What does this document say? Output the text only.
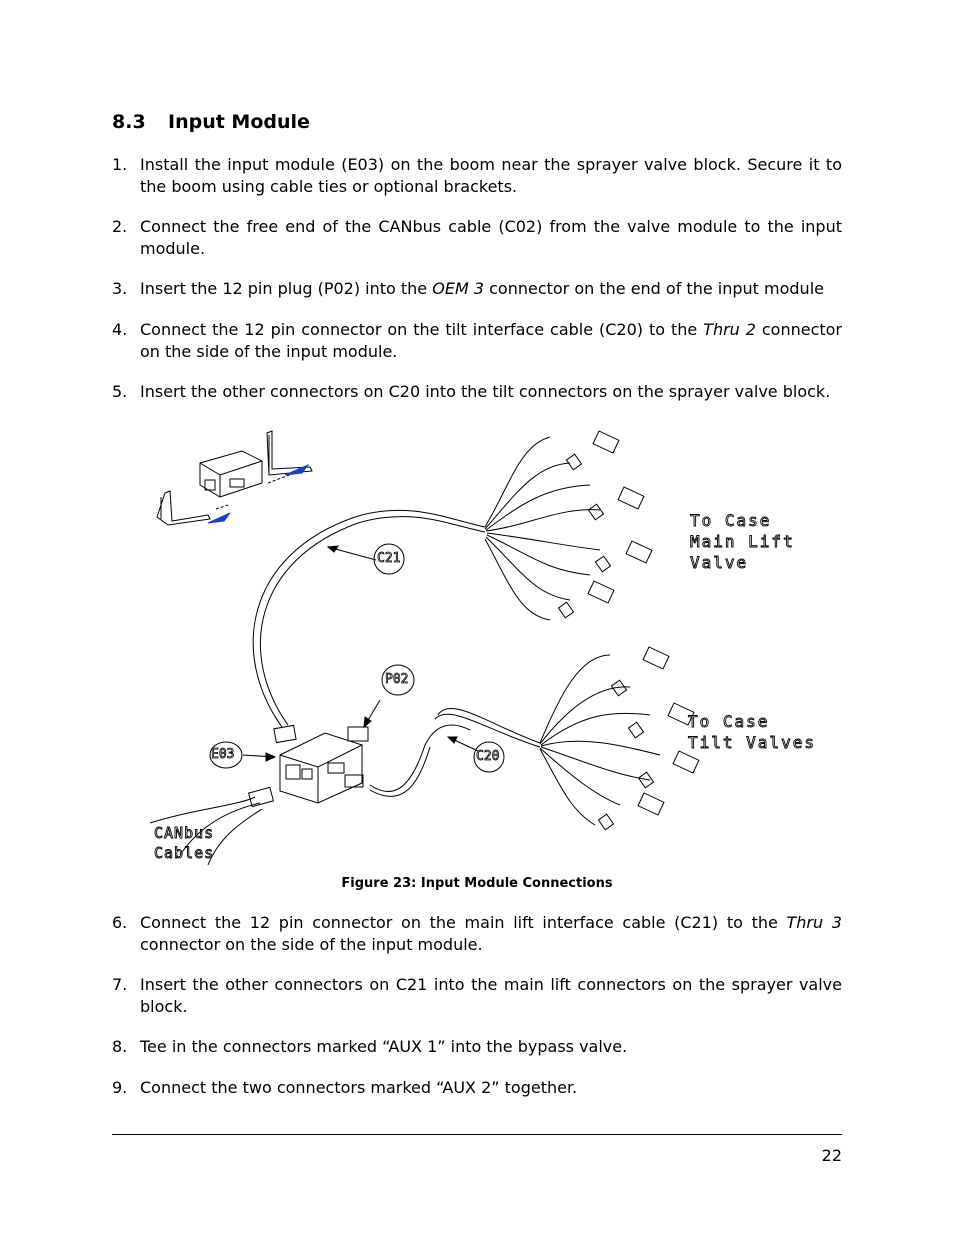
8.3 Input Module
1. Install the input module (E03) on the boom near the sprayer valve block. Secure it to the boom using cable ties or optional brackets.
2. Connect the free end of the CANbus cable (C02) from the valve module to the input module.
3. Insert the 12 pin plug (P02) into the OEM 3 connector on the end of the input module
4. Connect the 12 pin connector on the tilt interface cable (C20) to the Thru 2 connector on the side of the input module.
5. Insert the other connectors on C20 into the tilt connectors on the sprayer valve block.
C21
P02
E03	C20
To Case
Main Lift
Valve
To Case
Tilt Valves
CANbus
Cables
Figure 23: Input Module Connections
6. Connect the 12 pin connector on the main lift interface cable (C21) to the Thru 3 connector on the side of the input module.
7. Insert the other connectors on C21 into the main lift connectors on the sprayer valve block.
8. Tee in the connectors marked “AUX 1” into the bypass valve.
9. Connect the two connectors marked “AUX 2” together.
22
